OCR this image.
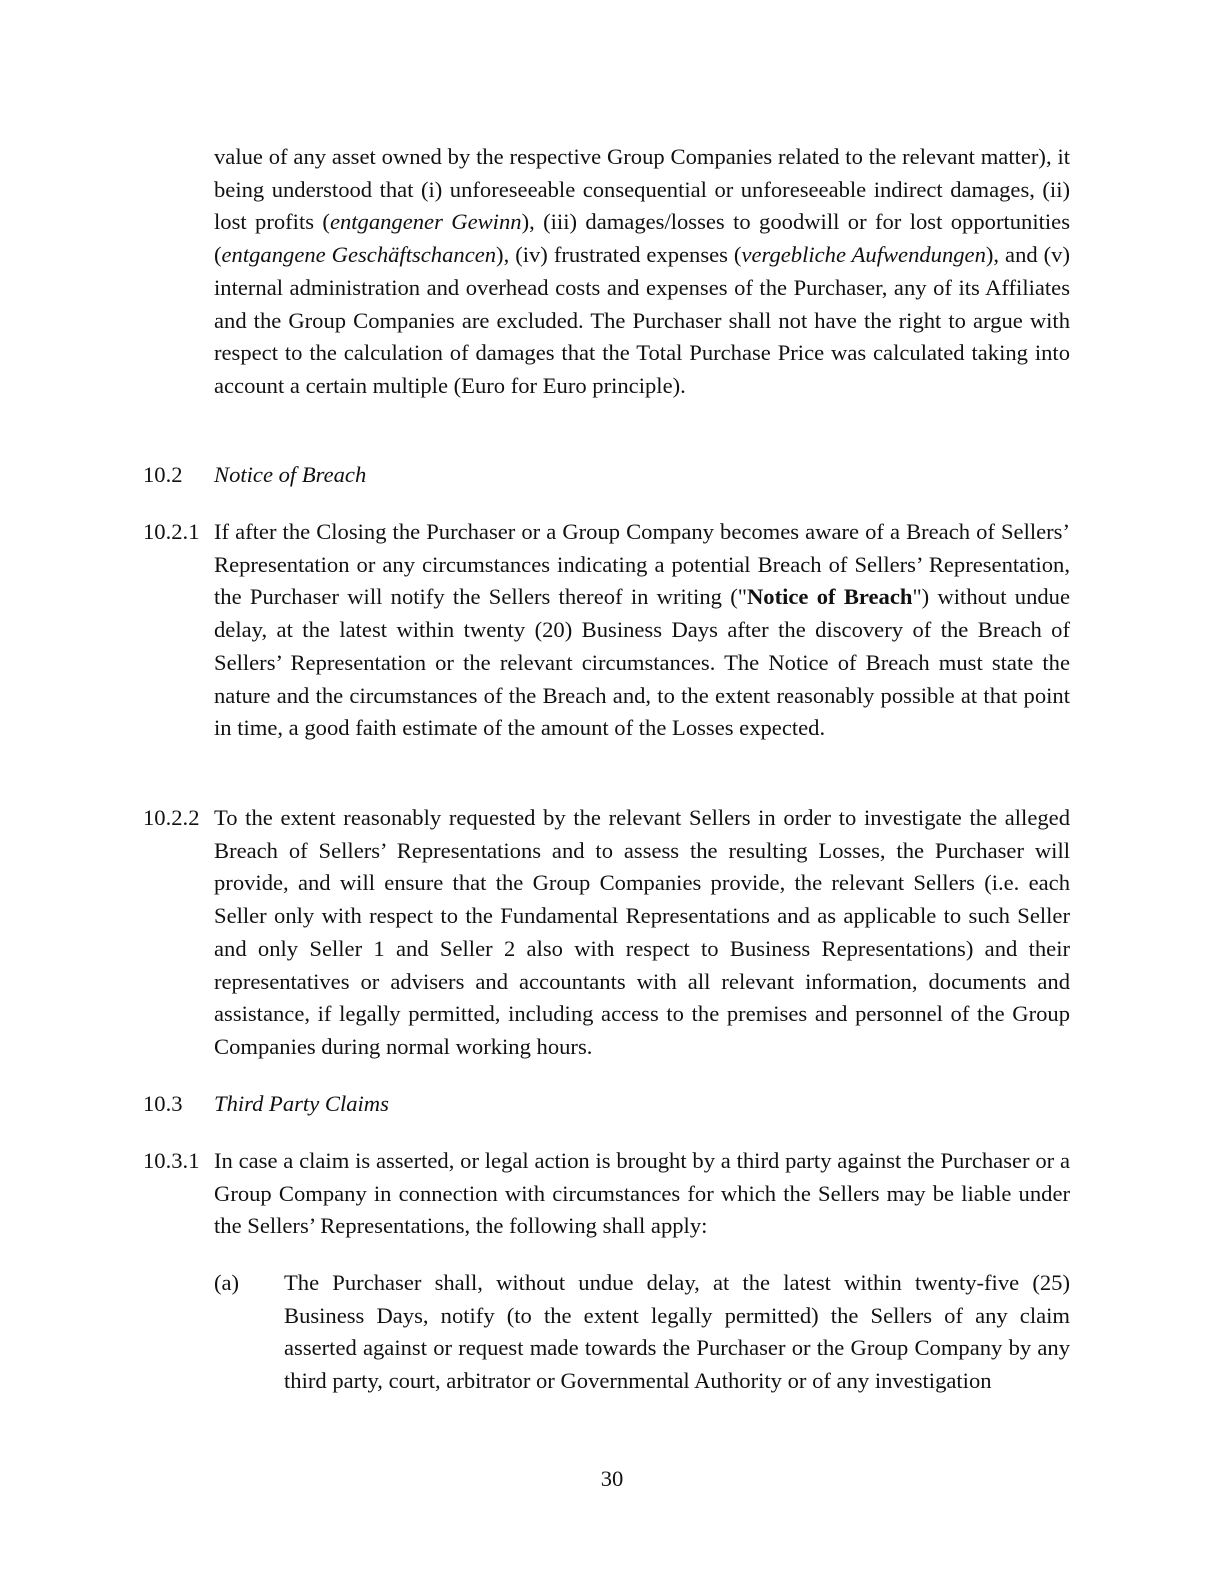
value of any asset owned by the respective Group Companies related to the relevant matter), it being understood that (i) unforeseeable consequential or unforeseeable indirect damages, (ii) lost profits (entgangener Gewinn), (iii) damages/losses to goodwill or for lost opportunities (entgangene Geschäftschancen), (iv) frustrated expenses (vergebliche Aufwendungen), and (v) internal administration and overhead costs and expenses of the Purchaser, any of its Affiliates and the Group Companies are excluded. The Purchaser shall not have the right to argue with respect to the calculation of damages that the Total Purchase Price was calculated taking into account a certain multiple (Euro for Euro principle).
10.2 Notice of Breach
10.2.1 If after the Closing the Purchaser or a Group Company becomes aware of a Breach of Sellers’ Representation or any circumstances indicating a potential Breach of Sellers’ Representation, the Purchaser will notify the Sellers thereof in writing ("Notice of Breach") without undue delay, at the latest within twenty (20) Business Days after the discovery of the Breach of Sellers’ Representation or the relevant circumstances. The Notice of Breach must state the nature and the circumstances of the Breach and, to the extent reasonably possible at that point in time, a good faith estimate of the amount of the Losses expected.
10.2.2 To the extent reasonably requested by the relevant Sellers in order to investigate the alleged Breach of Sellers’ Representations and to assess the resulting Losses, the Purchaser will provide, and will ensure that the Group Companies provide, the relevant Sellers (i.e. each Seller only with respect to the Fundamental Representations and as applicable to such Seller and only Seller 1 and Seller 2 also with respect to Business Representations) and their representatives or advisers and accountants with all relevant information, documents and assistance, if legally permitted, including access to the premises and personnel of the Group Companies during normal working hours.
10.3 Third Party Claims
10.3.1 In case a claim is asserted, or legal action is brought by a third party against the Purchaser or a Group Company in connection with circumstances for which the Sellers may be liable under the Sellers’ Representations, the following shall apply:
(a) The Purchaser shall, without undue delay, at the latest within twenty-five (25) Business Days, notify (to the extent legally permitted) the Sellers of any claim asserted against or request made towards the Purchaser or the Group Company by any third party, court, arbitrator or Governmental Authority or of any investigation
30
